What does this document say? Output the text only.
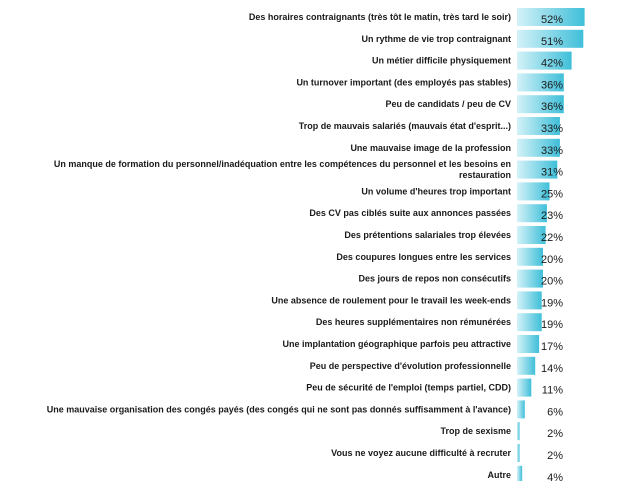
Des horaires contraignants (très tôt le matin, très tard le soir)
Un rythme de vie trop contraignant
Un métier difficile physiquement
Un turnover important (des employés pas stables)
Peu de candidats / peu de CV
Trop de mauvais salariés (mauvais état d'esprit...)
Une mauvaise image de la profession
Un manque de formation du personnel/inadéquation entre les compétences du personnel et les besoins en
restauration
Un volume d'heures trop important
Des CV pas ciblés suite aux annonces passées
Des prétentions salariales trop élevées
Des coupures longues entre les services
Des jours de repos non consécutifs
Une absence de roulement pour le travail les week-ends
Des heures supplémentaires non rémunérées
Une implantation géographique parfois peu attractive
Peu de perspective d'évolution professionnelle
Peu de sécurité de l'emploi (temps partiel, CDD)
Une mauvaise organisation des congés payés (des congés qui ne sont pas donnés suffisamment à l'avance)
Trop de sexisme
Vous ne voyez aucune difficulté à recruter
Autre
52%
51%
42%
36%
36%
33%
33%
31%
25%
23%
22%
20%
20%
19%
19%
17%
14%
11%
6%
2%
2%
4%
